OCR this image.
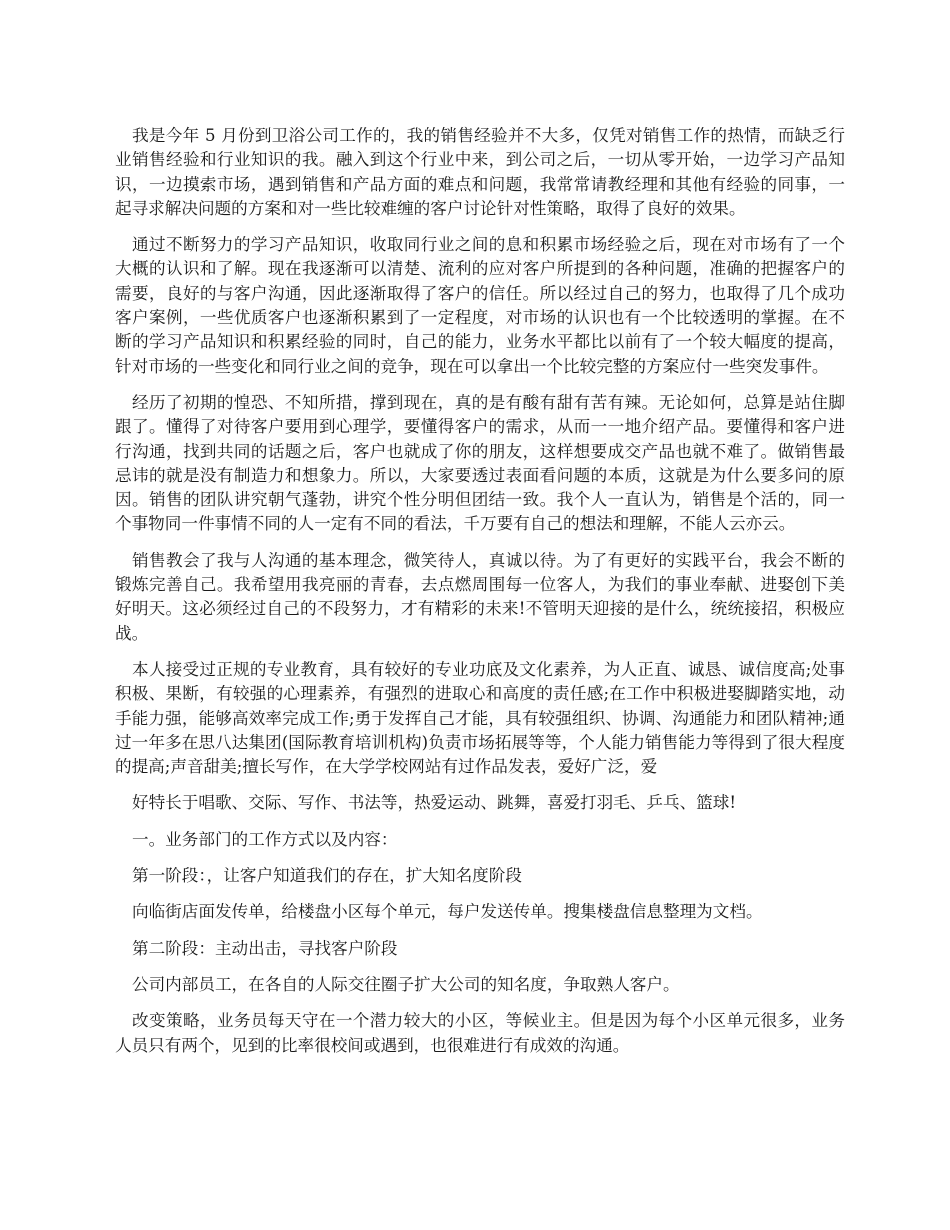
我是今年 5 月份到卫浴公司工作的，我的销售经验并不大多，仅凭对销售工作的热情，而缺乏行业销售经验和行业知识的我。融入到这个行业中来，到公司之后，一切从零开始，一边学习产品知识，一边摸索市场，遇到销售和产品方面的难点和问题，我常常请教经理和其他有经验的同事，一起寻求解决问题的方案和对一些比较难缠的客户讨论针对性策略，取得了良好的效果。

通过不断努力的学习产品知识，收取同行业之间的息和积累市场经验之后，现在对市场有了一个大概的认识和了解。现在我逐渐可以清楚、流利的应对客户所提到的各种问题，准确的把握客户的需要，良好的与客户沟通，因此逐渐取得了客户的信任。所以经过自己的努力，也取得了几个成功客户案例，一些优质客户也逐渐积累到了一定程度，对市场的认识也有一个比较透明的掌握。在不断的学习产品知识和积累经验的同时，自己的能力，业务水平都比以前有了一个较大幅度的提高，针对市场的一些变化和同行业之间的竞争，现在可以拿出一个比较完整的方案应付一些突发事件。

经历了初期的惶恐、不知所措，撑到现在，真的是有酸有甜有苦有辣。无论如何，总算是站住脚跟了。懂得了对待客户要用到心理学，要懂得客户的需求，从而一一地介绍产品。要懂得和客户进行沟通，找到共同的话题之后，客户也就成了你的朋友，这样想要成交产品也就不难了。做销售最忌讳的就是没有制造力和想象力。所以，大家要透过表面看问题的本质，这就是为什么要多问的原因。销售的团队讲究朝气蓬勃，讲究个性分明但团结一致。我个人一直认为，销售是个活的，同一个事物同一件事情不同的人一定有不同的看法，千万要有自己的想法和理解，不能人云亦云。

销售教会了我与人沟通的基本理念，微笑待人，真诚以待。为了有更好的实践平台，我会不断的锻炼完善自己。我希望用我亮丽的青春，去点燃周围每一位客人，为我们的事业奉献、进娶创下美好明天。这必须经过自己的不段努力，才有精彩的未来!不管明天迎接的是什么，统统接招，积极应战。

本人接受过正规的专业教育，具有较好的专业功底及文化素养，为人正直、诚恳、诚信度高;处事积极、果断，有较强的心理素养，有强烈的进取心和高度的责任感;在工作中积极进娶脚踏实地，动手能力强，能够高效率完成工作;勇于发挥自己才能，具有较强组织、协调、沟通能力和团队精神;通过一年多在思八达集团(国际教育培训机构)负责市场拓展等等，个人能力销售能力等得到了很大程度的提高;声音甜美;擅长写作，在大学学校网站有过作品发表，爱好广泛，爱

好特长于唱歌、交际、写作、书法等，热爱运动、跳舞，喜爱打羽毛、乒乓、篮球!

一。业务部门的工作方式以及内容：

第一阶段：，让客户知道我们的存在，扩大知名度阶段

向临街店面发传单，给楼盘小区每个单元，每户发送传单。搜集楼盘信息整理为文档。

第二阶段：主动出击，寻找客户阶段

公司内部员工，在各自的人际交往圈子扩大公司的知名度，争取熟人客户。

改变策略，业务员每天守在一个潜力较大的小区，等候业主。但是因为每个小区单元很多，业务人员只有两个，见到的比率很校间或遇到，也很难进行有成效的沟通。
